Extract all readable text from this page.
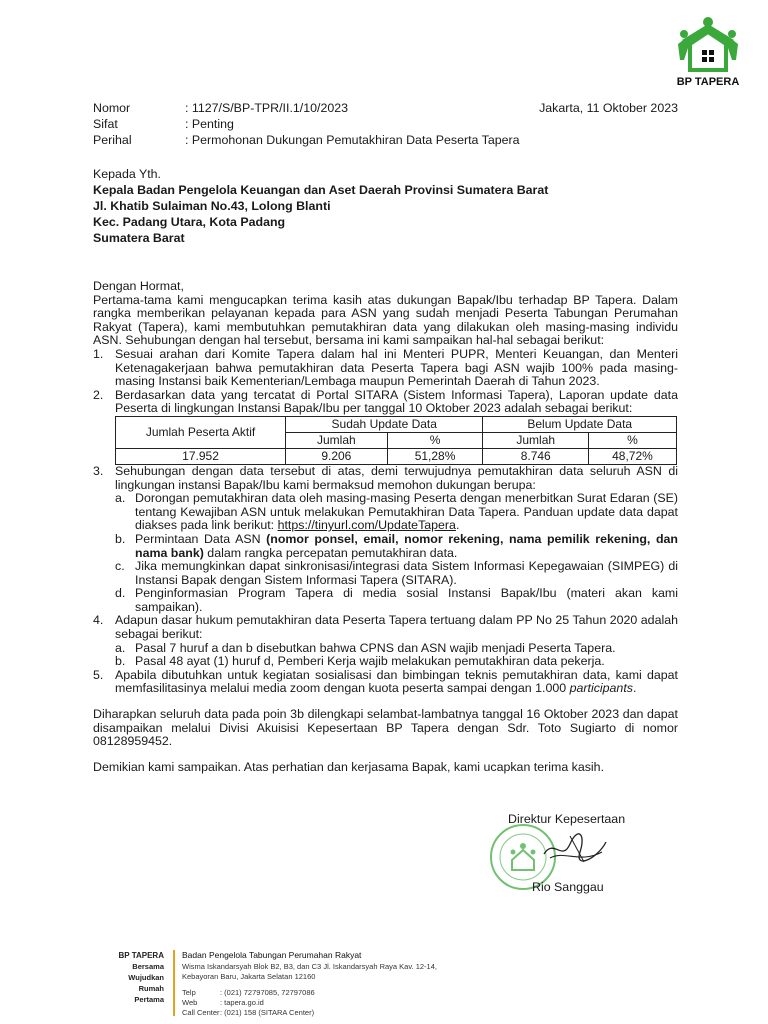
BP TAPERA
Nomor	: 1127/S/BP-TPR/II.1/10/2023	Jakarta, 11 Oktober 2023
Sifat	: Penting
Perihal	: Permohonan Dukungan Pemutakhiran Data Peserta Tapera
Kepada Yth.
Kepala Badan Pengelola Keuangan dan Aset Daerah Provinsi Sumatera Barat
Jl. Khatib Sulaiman No.43, Lolong Blanti
Kec. Padang Utara, Kota Padang
Sumatera Barat

Dengan Hormat,

Pertama-tama kami mengucapkan terima kasih atas dukungan Bapak/Ibu terhadap BP Tapera. Dalam rangka memberikan pelayanan kepada para ASN yang sudah menjadi Peserta Tabungan Perumahan Rakyat (Tapera), kami membutuhkan pemutakhiran data yang dilakukan oleh masing-masing individu ASN. Sehubungan dengan hal tersebut, bersama ini kami sampaikan hal-hal sebagai berikut:

1. Sesuai arahan dari Komite Tapera dalam hal ini Menteri PUPR, Menteri Keuangan, dan Menteri Ketenagakerjaan bahwa pemutakhiran data Peserta Tapera bagi ASN wajib 100% pada masing-masing Instansi baik Kementerian/Lembaga maupun Pemerintah Daerah di Tahun 2023.
2. Berdasarkan data yang tercatat di Portal SITARA (Sistem Informasi Tapera), Laporan update data Peserta di lingkungan Instansi Bapak/Ibu per tanggal 10 Oktober 2023 adalah sebagai berikut:
Jumlah Peserta Aktif	Sudah Update Data		Belum Update Data	
	Jumlah	%	Jumlah	%
17.952	9.206	51,28%	8.746	48,72%
3. Sehubungan dengan data tersebut di atas, demi terwujudnya pemutakhiran data seluruh ASN di lingkungan instansi Bapak/Ibu kami bermaksud memohon dukungan berupa:
a. Dorongan pemutakhiran data oleh masing-masing Peserta dengan menerbitkan Surat Edaran (SE) tentang Kewajiban ASN untuk melakukan Pemutakhiran Data Tapera. Panduan update data dapat diakses pada link berikut: https://tinyurl.com/UpdateTapera.
b. Permintaan Data ASN (nomor ponsel, email, nomor rekening, nama pemilik rekening, dan nama bank) dalam rangka percepatan pemutakhiran data.
c. Jika memungkinkan dapat sinkronisasi/integrasi data Sistem Informasi Kepegawaian (SIMPEG) di Instansi Bapak dengan Sistem Informasi Tapera (SITARA).
d. Penginformasian Program Tapera di media sosial Instansi Bapak/Ibu (materi akan kami sampaikan).
4. Adapun dasar hukum pemutakhiran data Peserta Tapera tertuang dalam PP No 25 Tahun 2020 adalah sebagai berikut:
a. Pasal 7 huruf a dan b disebutkan bahwa CPNS dan ASN wajib menjadi Peserta Tapera.
b. Pasal 48 ayat (1) huruf d, Pemberi Kerja wajib melakukan pemutakhiran data pekerja.
5. Apabila dibutuhkan untuk kegiatan sosialisasi dan bimbingan teknis pemutakhiran data, kami dapat memfasilitasinya melalui media zoom dengan kuota peserta sampai dengan 1.000 participants.

Diharapkan seluruh data pada poin 3b dilengkapi selambat-lambatnya tanggal 16 Oktober 2023 dan dapat disampaikan melalui Divisi Akuisisi Kepesertaan BP Tapera dengan Sdr. Toto Sugiarto di nomor 08128959452.

Demikian kami sampaikan. Atas perhatian dan kerjasama Bapak, kami ucapkan terima kasih.

Direktur Kepesertaan
Rio Sanggau
BP TAPERA
Bersama
Wujudkan
Rumah
Pertama
Badan Pengelola Tabungan Perumahan Rakyat
Wisma Iskandarsyah Blok B2, B3, dan C3 Jl. Iskandarsyah Raya Kav. 12-14,
Kebayoran Baru, Jakarta Selatan 12160
Telp	: (021) 72797085, 72797086
Web	: tapera.go.id
Call Center : (021) 158 (SITARA Center)
